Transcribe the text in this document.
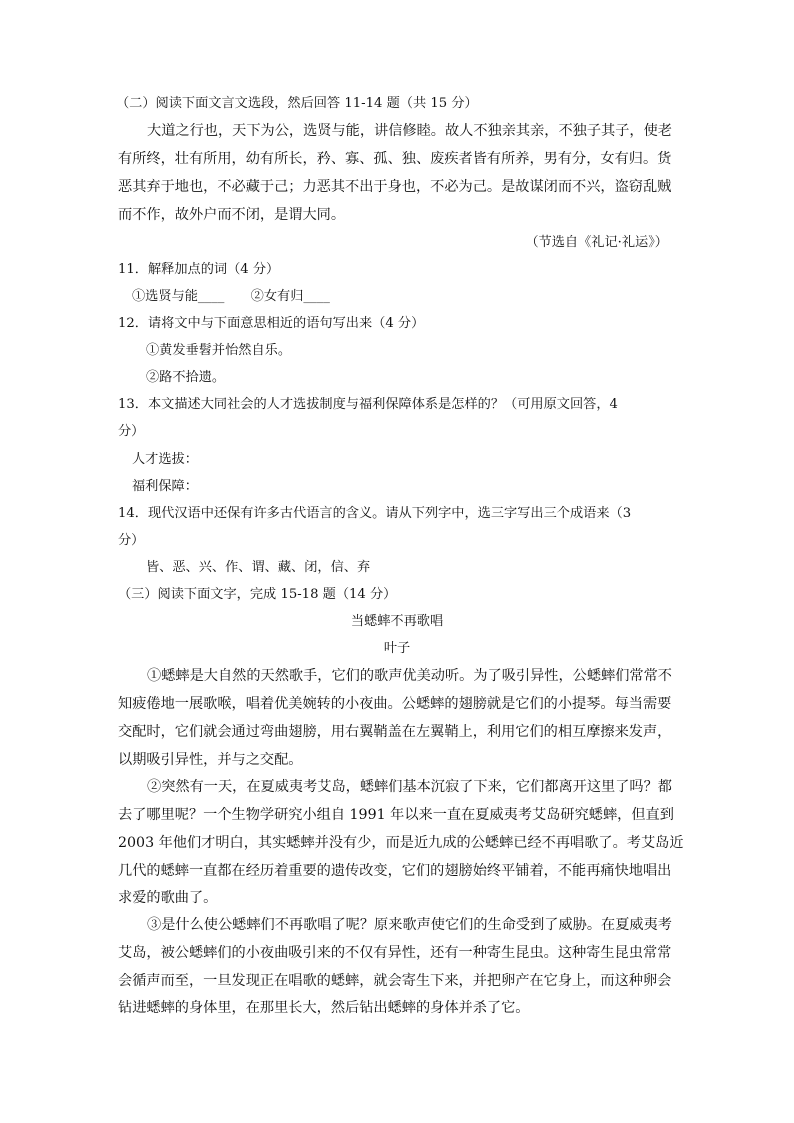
（二）阅读下面文言文选段，然后回答 11-14 题（共 15 分）
大道之行也，天下为公，选贤与能，讲信修睦。故人不独亲其亲，不独子其子，使老
有所终，壮有所用，幼有所长，矜、寡、孤、独、废疾者皆有所养，男有分，女有归。货
恶其弃于地也，不必藏于己；力恶其不出于身也，不必为己。是故谋闭而不兴，盗窃乱贼
而不作，故外户而不闭，是谓大同。
（节选自《礼记·礼运》）
11．解释加点的词（4 分）
①选贤与能____　　②女有归____
12．请将文中与下面意思相近的语句写出来（4 分）
①黄发垂髫并怡然自乐。
②路不拾遗。
13．本文描述大同社会的人才选拔制度与福利保障体系是怎样的？（可用原文回答，4
分）
人才选拔：
福利保障：
14．现代汉语中还保有许多古代语言的含义。请从下列字中，选三字写出三个成语来（3
分）
皆、恶、兴、作、谓、藏、闭，信、弃
（三）阅读下面文字，完成 15-18 题（14 分）
当蟋蟀不再歌唱
叶子
①蟋蟀是大自然的天然歌手，它们的歌声优美动听。为了吸引异性，公蟋蟀们常常不
知疲倦地一展歌喉，唱着优美婉转的小夜曲。公蟋蟀的翅膀就是它们的小提琴。每当需要
交配时，它们就会通过弯曲翅膀，用右翼鞘盖在左翼鞘上，利用它们的相互摩擦来发声，
以期吸引异性，并与之交配。
②突然有一天，在夏威夷考艾岛，蟋蟀们基本沉寂了下来，它们都离开这里了吗？都
去了哪里呢？一个生物学研究小组自 1991 年以来一直在夏威夷考艾岛研究蟋蟀，但直到
2003 年他们才明白，其实蟋蟀并没有少，而是近九成的公蟋蟀已经不再唱歌了。考艾岛近
几代的蟋蟀一直都在经历着重要的遗传改变，它们的翅膀始终平铺着，不能再痛快地唱出
求爱的歌曲了。
③是什么使公蟋蟀们不再歌唱了呢？原来歌声使它们的生命受到了威胁。在夏威夷考
艾岛，被公蟋蟀们的小夜曲吸引来的不仅有异性，还有一种寄生昆虫。这种寄生昆虫常常
会循声而至，一旦发现正在唱歌的蟋蟀，就会寄生下来，并把卵产在它身上，而这种卵会
钻进蟋蟀的身体里，在那里长大，然后钻出蟋蟀的身体并杀了它。
